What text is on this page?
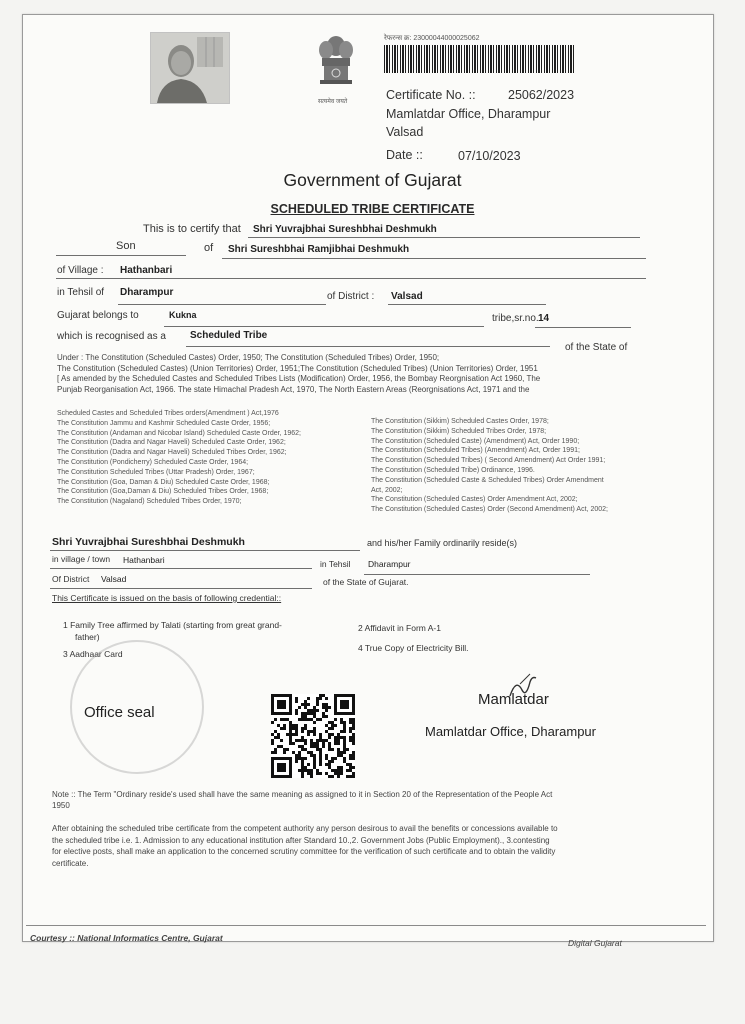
सत्यमेव जयते
रेफरन्स क्र: 23000044000025062
Certificate No. ::	25062/2023
Mamlatdar Office, Dharampur
Valsad
Date ::	07/10/2023
Government of Gujarat
SCHEDULED TRIBE CERTIFICATE
This is to certify that Shri Yuvrajbhai Sureshbhai Deshmukh
Son	of Shri Sureshbhai Ramjibhai Deshmukh
of Village : Hathanbari
in Tehsil of Dharampur	of District : Valsad
Gujarat belongs to	Kukna	tribe,sr.no. 14
which is recognised as a Scheduled Tribe
of the State of
Under : The Constitution (Scheduled Castes) Order, 1950; The Constitution (Scheduled Tribes) Order, 1950;
The Constitution (Scheduled Castes) (Union Territories) Order, 1951;The Constitution (Scheduled Tribes) (Union Territories) Order, 1951
[ As amended by the Scheduled Castes and Scheduled Tribes Lists (Modification) Order, 1956, the Bombay Reorgnisation Act 1960, The
Punjab Reorganisation Act, 1966. The state Himachal Pradesh Act, 1970, The North Eastern Areas (Reorgnisations Act, 1971 and the
Scheduled Castes and Scheduled Tribes orders(Amendment ) Act,1976
The Constitution Jammu and Kashmir Scheduled Caste Order, 1956;
The Constitution (Andaman and Nicobar Island) Scheduled Caste Order, 1962;
The Constitution (Dadra and Nagar Haveli) Scheduled Caste Order, 1962;
The Constitution (Dadra and Nagar Haveli) Scheduled Tribes Order, 1962;
The Constitution (Pondicherry) Scheduled Caste Order, 1964;
The Constitution Scheduled Tribes (Uttar Pradesh) Order, 1967;
The Constitution (Goa, Daman & Diu) Scheduled Caste Order, 1968;
The Constitution (Goa,Daman & Diu) Scheduled Tribes Order, 1968;
The Constitution (Nagaland) Scheduled Tribes Order, 1970;
The Constitution (Sikkim) Scheduled Castes Order, 1978;
The Constitution (Sikkim) Scheduled Tribes Order, 1978;
The Constitution (Scheduled Caste) (Amendment) Act, Order 1990;
The Constitution (Scheduled Tribes) (Amendment) Act, Order 1991;
The Constitution (Scheduled Tribes) ( Second Amendment) Act Order 1991;
The Constitution (Scheduled Tribe) Ordinance, 1996.
The Constitution (Scheduled Caste & Scheduled Tribes) Order Amendment
Act, 2002;
The Constitution (Scheduled Castes) Order Amendment Act, 2002;
The Constitution (Scheduled Castes) Order (Second Amendment) Act, 2002;
Shri Yuvrajbhai Sureshbhai Deshmukh	and his/her Family ordinarily reside(s)
in village / town Hathanbari	in Tehsil Dharampur
Of District Valsad	of the State of Gujarat.
This Certificate is issued on the basis of following credential::
1 Family Tree affirmed by Talati (starting from great grand-
father)
3 Aadhaar Card
2 Affidavit in Form A-1
4 True Copy of Electricity Bill.
Office seal
Mamlatdar
Mamlatdar Office, Dharampur
Note :: The Term "Ordinary reside's used shall have the same meaning as assigned to it in Section 20 of the Representation of the People Act
1950
After obtaining the scheduled tribe certificate from the competent authority any person desirous to avail the benefits or concessions available to
the scheduled tribe i.e. 1. Admission to any educational institution after Standard 10.,2. Government Jobs (Public Employment)., 3.contesting
for elective posts, shall make an application to the concerned scrutiny committee for the verification of such certificate and to obtain the validity
certificate.
Courtesy :: National Informatics Centre, Gujarat	Digital Gujarat
